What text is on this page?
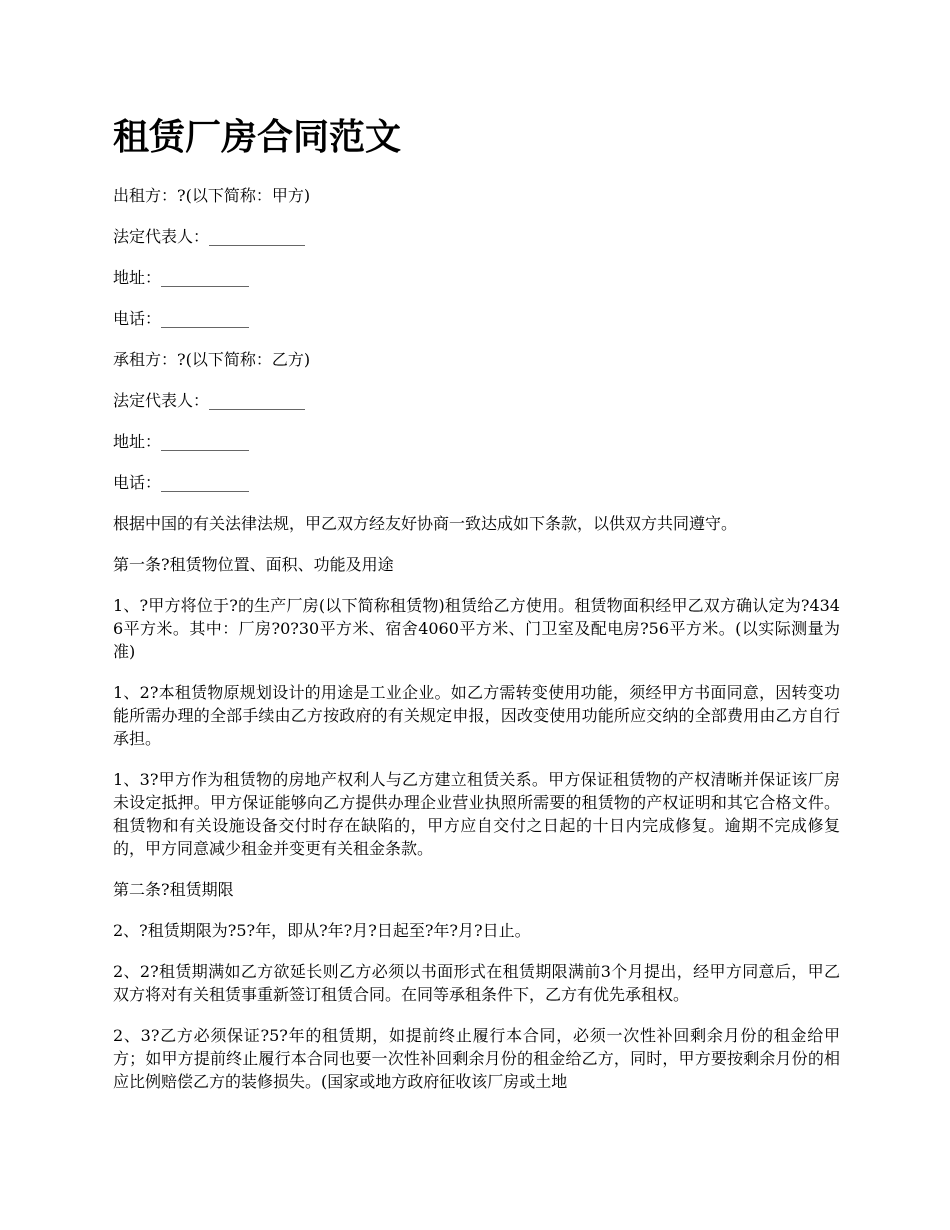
租赁厂房合同范文

出租方：?(以下简称：甲方)

法定代表人：____________

地址：___________

电话：___________

承租方：?(以下简称：乙方)

法定代表人：____________

地址：___________

电话：___________

根据中国的有关法律法规，甲乙双方经友好协商一致达成如下条款，以供双方共同遵守。

第一条?租赁物位置、面积、功能及用途

1、?甲方将位于?的生产厂房(以下简称租赁物)租赁给乙方使用。租赁物面积经甲乙双方确认定为?4346平方米。其中：厂房?0?30平方米、宿舍4060平方米、门卫室及配电房?56平方米。(以实际测量为准)

1、2?本租赁物原规划设计的用途是工业企业。如乙方需转变使用功能，须经甲方书面同意，因转变功能所需办理的全部手续由乙方按政府的有关规定申报，因改变使用功能所应交纳的全部费用由乙方自行承担。

1、3?甲方作为租赁物的房地产权利人与乙方建立租赁关系。甲方保证租赁物的产权清晰并保证该厂房未设定抵押。甲方保证能够向乙方提供办理企业营业执照所需要的租赁物的产权证明和其它合格文件。租赁物和有关设施设备交付时存在缺陷的，甲方应自交付之日起的十日内完成修复。逾期不完成修复的，甲方同意减少租金并变更有关租金条款。

第二条?租赁期限

2、?租赁期限为?5?年，即从?年?月?日起至?年?月?日止。

2、2?租赁期满如乙方欲延长则乙方必须以书面形式在租赁期限满前3个月提出，经甲方同意后，甲乙双方将对有关租赁事重新签订租赁合同。在同等承租条件下，乙方有优先承租权。

2、3?乙方必须保证?5?年的租赁期，如提前终止履行本合同，必须一次性补回剩余月份的租金给甲方；如甲方提前终止履行本合同也要一次性补回剩余月份的租金给乙方，同时，甲方要按剩余月份的相应比例赔偿乙方的装修损失。(国家或地方政府征收该厂房或土地
